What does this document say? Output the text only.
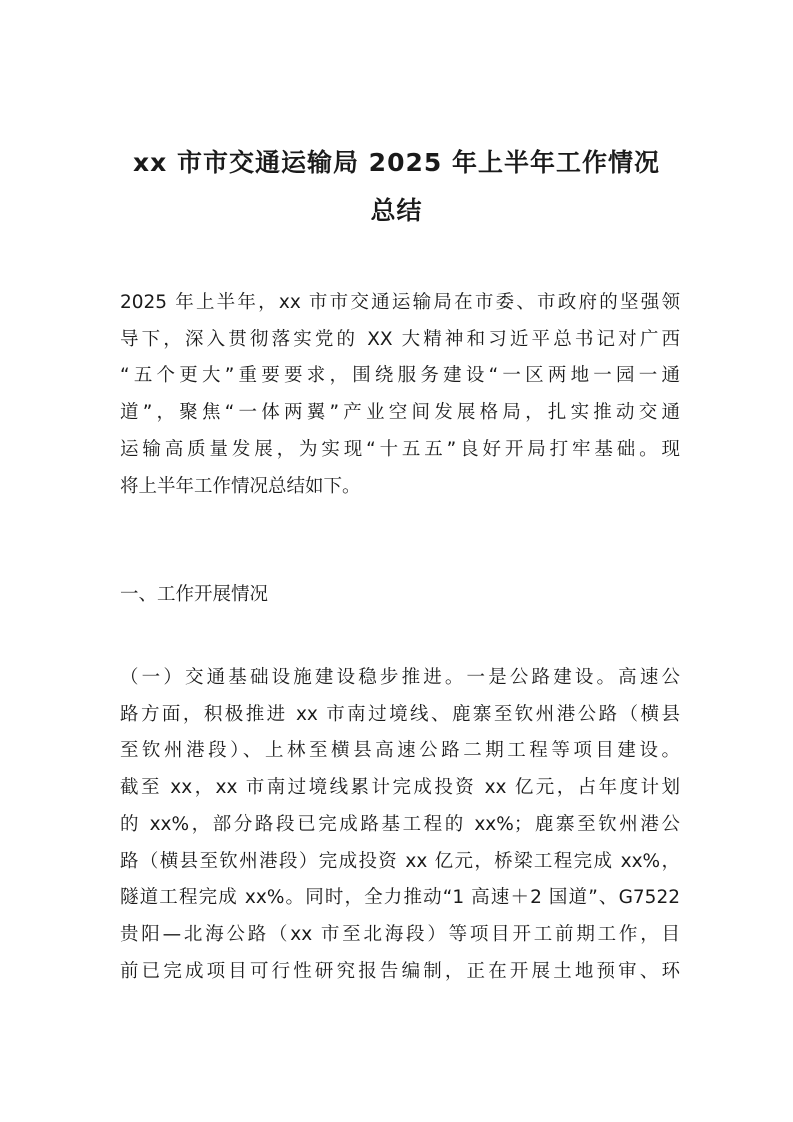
xx 市市交通运输局 2025 年上半年工作情况
总结
2025 年上半年，xx 市市交通运输局在市委、市政府的坚强领
导下，深入贯彻落实党的 XX 大精神和习近平总书记对广西
“五个更大”重要要求，围绕服务建设“一区两地一园一通
道”，聚焦“一体两翼”产业空间发展格局，扎实推动交通
运输高质量发展，为实现“十五五”良好开局打牢基础。现
将上半年工作情况总结如下。
一、工作开展情况
（一）交通基础设施建设稳步推进。一是公路建设。高速公
路方面，积极推进 xx 市南过境线、鹿寨至钦州港公路（横县
至钦州港段）、上林至横县高速公路二期工程等项目建设。
截至 xx，xx 市南过境线累计完成投资 xx 亿元，占年度计划
的 xx%，部分路段已完成路基工程的 xx%；鹿寨至钦州港公
路（横县至钦州港段）完成投资 xx 亿元，桥梁工程完成 xx%，
隧道工程完成 xx%。同时，全力推动“1 高速＋2 国道”、G7522
贵阳—北海公路（xx 市至北海段）等项目开工前期工作，目
前已完成项目可行性研究报告编制，正在开展土地预审、环
